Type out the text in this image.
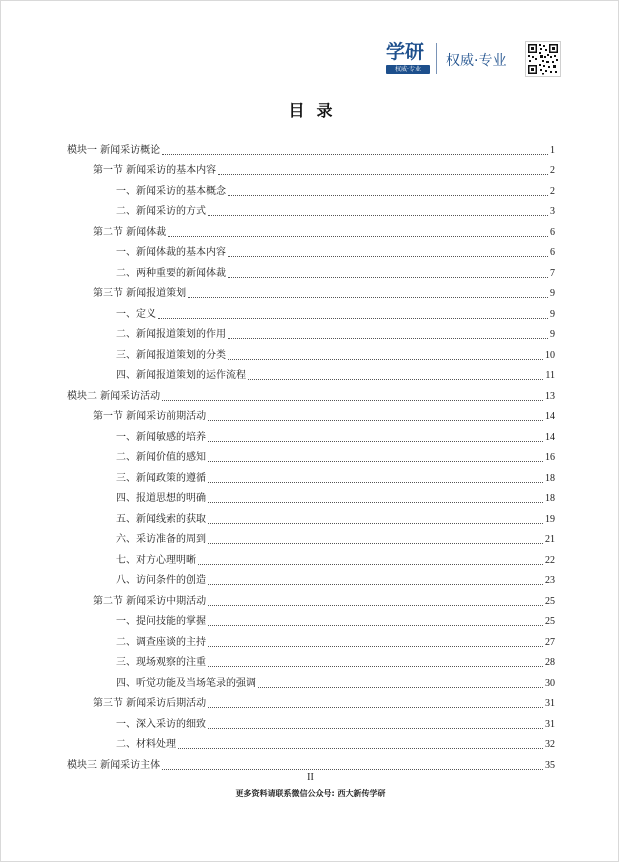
学研
权威·专业
权威·专业
目录
模块一 新闻采访概论	1
第一节 新闻采访的基本内容	2
一、新闻采访的基本概念	2
二、新闻采访的方式	3
第二节 新闻体裁	6
一、新闻体裁的基本内容	6
二、两种重要的新闻体裁	7
第三节 新闻报道策划	9
一、定义	9
二、新闻报道策划的作用	9
三、新闻报道策划的分类	10
四、新闻报道策划的运作流程	11
模块二 新闻采访活动	13
第一节 新闻采访前期活动	14
一、新闻敏感的培养	14
二、新闻价值的感知	16
三、新闻政策的遵循	18
四、报道思想的明确	18
五、新闻线索的获取	19
六、采访准备的周到	21
七、对方心理明晰	22
八、访问条件的创造	23
第二节 新闻采访中期活动	25
一、提问技能的掌握	25
二、调查座谈的主持	27
三、现场观察的注重	28
四、听觉功能及当场笔录的强调	30
第三节 新闻采访后期活动	31
一、深入采访的细致	31
二、材料处理	32
模块三 新闻采访主体	35
II
更多资料请联系微信公众号: 西大新传学研
